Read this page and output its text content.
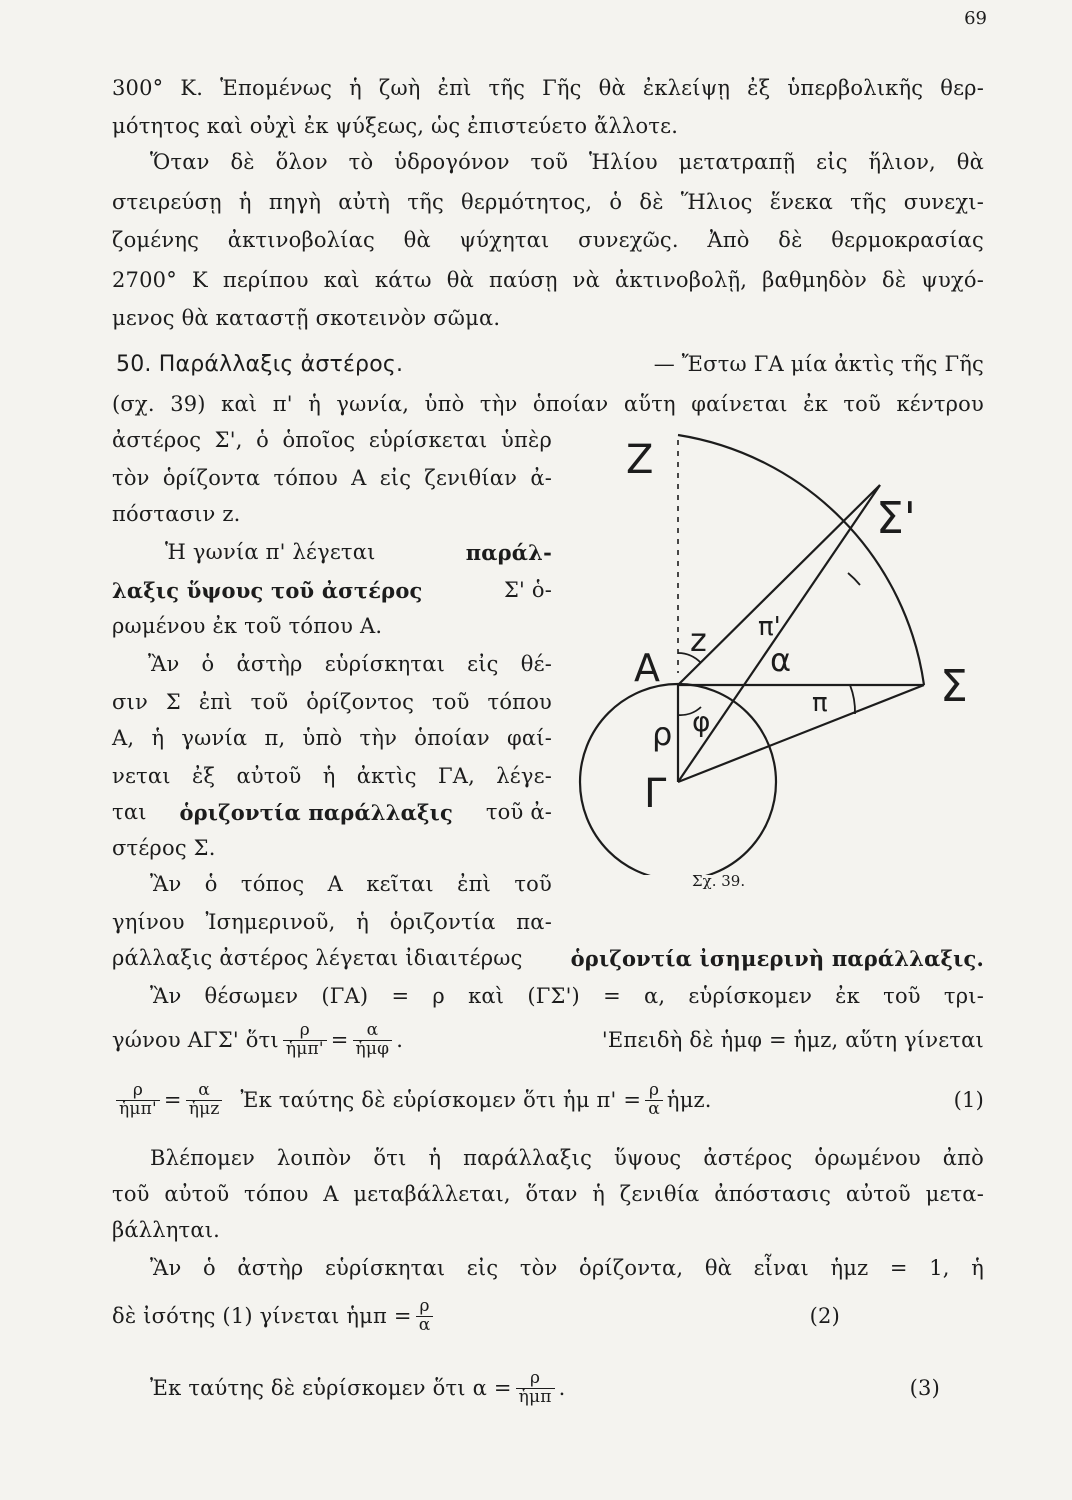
69
300° K. Ἑπομένως ἡ ζωὴ ἐπὶ τῆς Γῆς θὰ ἐκλείψῃ ἐξ ὑπερβολικῆς θερ-
μότητος καὶ οὐχὶ ἐκ ψύξεως, ὡς ἐπιστεύετο ἄλλοτε.
Ὅταν δὲ ὅλον τὸ ὑδρογόνον τοῦ Ἡλίου μετατραπῇ εἰς ἥλιον, θὰ
στειρεύσῃ ἡ πηγὴ αὐτὴ τῆς θερμότητος, ὁ δὲ Ἥλιος ἕνεκα τῆς συνεχι-
ζομένης ἀκτινοβολίας θὰ ψύχηται συνεχῶς. Ἀπὸ δὲ θερμοκρασίας
2700° K περίπου καὶ κάτω θὰ παύσῃ νὰ ἀκτινοβολῇ, βαθμηδὸν δὲ ψυχό-
μενος θὰ καταστῇ σκοτεινὸν σῶμα.
50. Παράλλαξις ἀστέρος.	— Ἔστω ΓΑ μία ἀκτὶς τῆς Γῆς
(σχ. 39) καὶ π' ἡ γωνία, ὑπὸ τὴν ὁποίαν αὕτη φαίνεται ἐκ τοῦ κέντρου
ἀστέρος Σ', ὁ ὁποῖος εὑρίσκεται ὑπὲρ
τὸν ὁρίζοντα τόπου Α εἰς ζενιθίαν ἀ-
πόστασιν z.
Ἡ γωνία π' λέγεται	παράλ-
λαξις ὕψους τοῦ ἀστέρος	Σ' ὁ-
ρωμένου ἐκ τοῦ τόπου Α.
Ἂν ὁ ἀστὴρ εὑρίσκηται εἰς θέ-
σιν Σ ἐπὶ τοῦ ὁρίζοντος τοῦ τόπου
Α, ἡ γωνία π, ὑπὸ τὴν ὁποίαν φαί-
νεται ἐξ αὐτοῦ ἡ ἀκτὶς ΓΑ, λέγε-
ται ὁριζοντία παράλλαξις τοῦ ἀ-
στέρος Σ.
Ἂν ὁ τόπος Α κεῖται ἐπὶ τοῦ
γηίνου Ἰσημερινοῦ, ἡ ὁριζοντία πα-
ράλλαξις ἀστέρος λέγεται ἰδιαιτέρως ὁριζοντία ἰσημερινὴ παράλλαξις.
Ἂν θέσωμεν (ΓΑ) = ρ καὶ (ΓΣ') = α, εὑρίσκομεν ἐκ τοῦ τρι-
γώνου ΑΓΣ' ὅτι $\frac{\rho}{\text{ἡμπ'}} = \frac{\alpha}{\text{ἡμφ}}$ .	'Επειδὴ δὲ ἡμφ = ἡμz, αὕτη γίνεται
$\frac{\rho}{\text{ἡμπ'}} = \frac{\alpha}{\text{ἡμz}}$ Ἐκ ταύτης δὲ εὑρίσκομεν ὅτι ἡμ $\pi' = \frac{\rho}{\alpha}$ ἡμz.	(1)
Βλέπομεν λοιπὸν ὅτι ἡ παράλλαξις ὕψους ἀστέρος ὁρωμένου ἀπὸ
τοῦ αὐτοῦ τόπου Α μεταβάλλεται, ὅταν ἡ ζενιθία ἀπόστασις αὐτοῦ μετα-
βάλληται.
Ἂν ὁ ἀστὴρ εὑρίσκηται εἰς τὸν ὁρίζοντα, θὰ εἶναι ἡμz = 1, ἡ
δὲ ἰσότης (1) γίνεται ἡμπ = $\frac{\rho}{\alpha}$	(2)
Ἐκ ταύτης δὲ εὑρίσκομεν ὅτι $\alpha = \frac{\rho}{\text{ἡμπ}}$ .	(3)
Z
Σ'
Σ
Α
Γ
z
φ
ρ
α
π'
π
Σχ. 39.
